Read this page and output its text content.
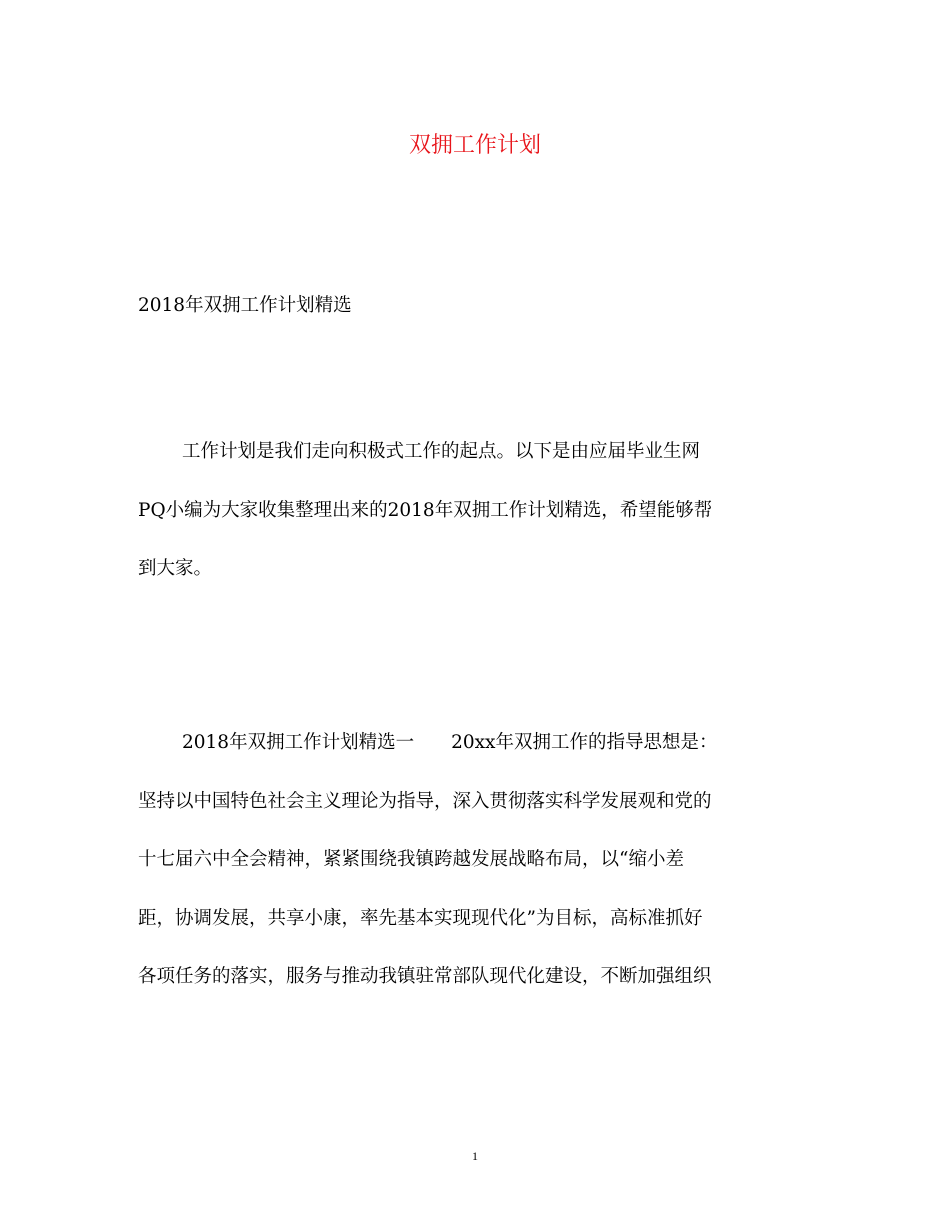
双拥工作计划
2018年双拥工作计划精选
工作计划是我们走向积极式工作的起点。以下是由应届毕业生网
PQ小编为大家收集整理出来的2018年双拥工作计划精选，希望能够帮
到大家。
2018年双拥工作计划精选一　　20xx年双拥工作的指导思想是：
坚持以中国特色社会主义理论为指导，深入贯彻落实科学发展观和党的
十七届六中全会精神，紧紧围绕我镇跨越发展战略布局，以“缩小差
距，协调发展，共享小康，率先基本实现现代化”为目标，高标准抓好
各项任务的落实，服务与推动我镇驻常部队现代化建设，不断加强组织
1
